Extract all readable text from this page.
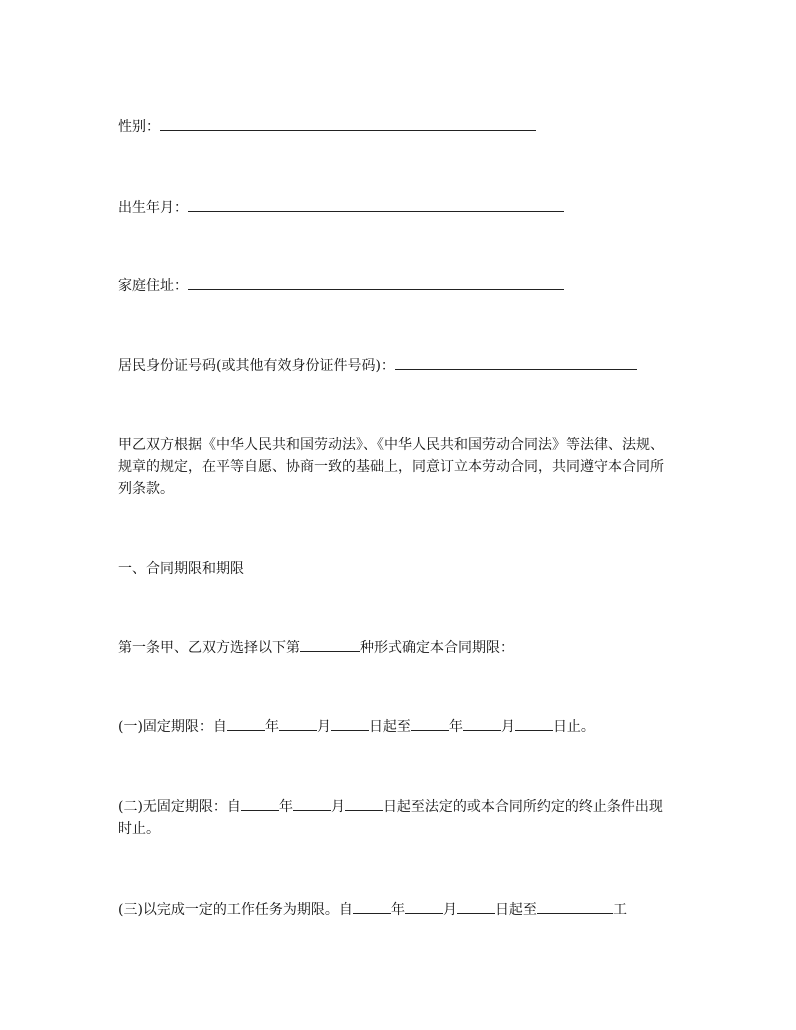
性别：
出生年月：
家庭住址：
居民身份证号码(或其他有效身份证件号码)：
甲乙双方根据《中华人民共和国劳动法》、《中华人民共和国劳动合同法》等法律、法规、规章的规定，在平等自愿、协商一致的基础上，同意订立本劳动合同，共同遵守本合同所列条款。
一、合同期限和期限
第一条甲、乙双方选择以下第	种形式确定本合同期限：
(一)固定期限：自	年	月	日起至	年	月	日止。
(二)无固定期限：自	年	月	日起至法定的或本合同所约定的终止条件出现时止。
(三)以完成一定的工作任务为期限。自	年	月	日起至	工
